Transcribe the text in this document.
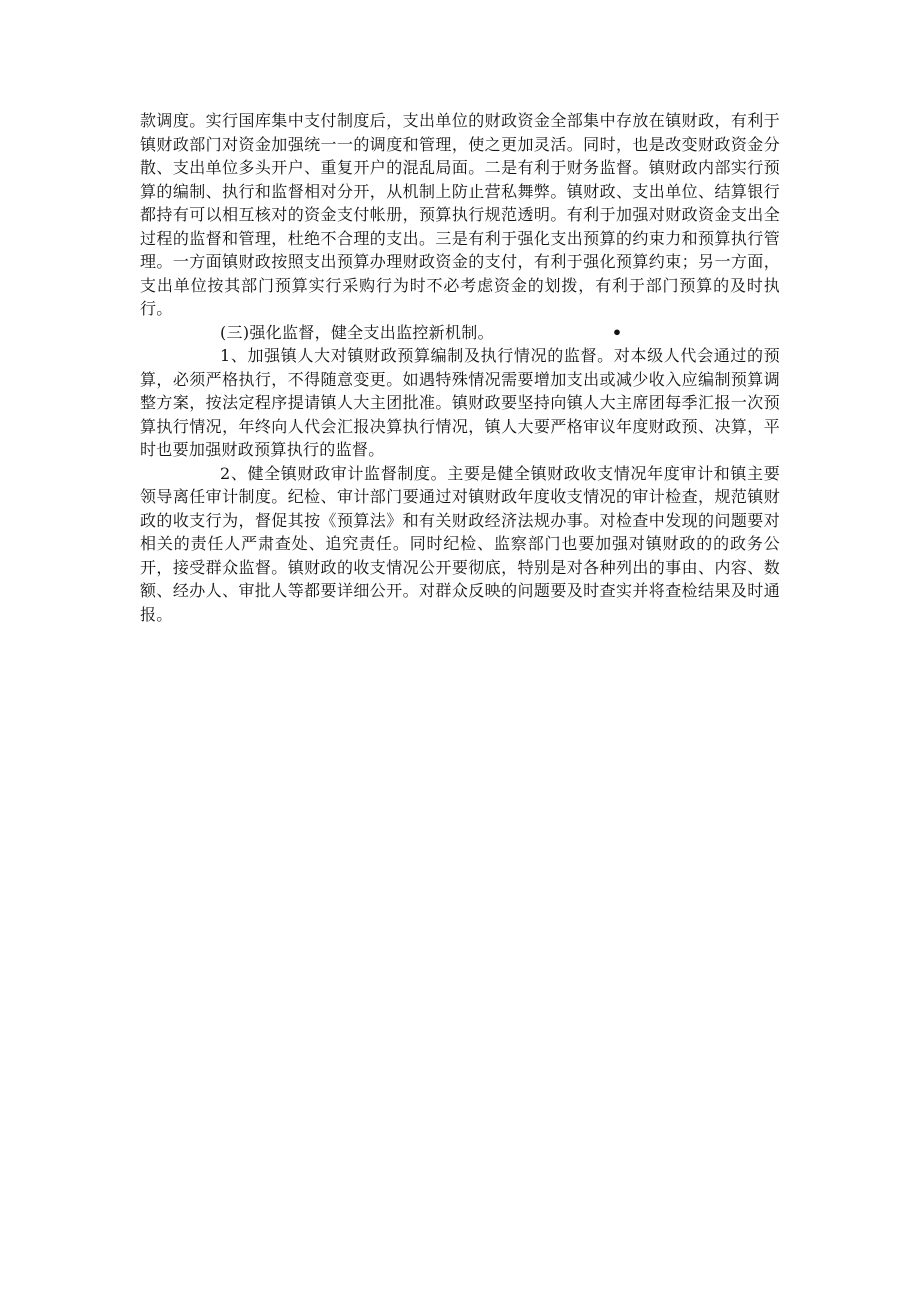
款调度。实行国库集中支付制度后，支出单位的财政资金全部集中存放在镇财政，有利于镇财政部门对资金加强统一一的调度和管理，使之更加灵活。同时，也是改变财政资金分散、支出单位多头开户、重复开户的混乱局面。二是有利于财务监督。镇财政内部实行预算的编制、执行和监督相对分开，从机制上防止营私舞弊。镇财政、支出单位、结算银行都持有可以相互核对的资金支付帐册，预算执行规范透明。有利于加强对财政资金支出全过程的监督和管理，杜绝不合理的支出。三是有利于强化支出预算的约束力和预算执行管理。一方面镇财政按照支出预算办理财政资金的支付，有利于强化预算约束；另一方面，支出单位按其部门预算实行采购行为时不必考虑资金的划拨，有利于部门预算的及时执行。

(三)强化监督，健全支出监控新机制。	•

1、加强镇人大对镇财政预算编制及执行情况的监督。对本级人代会通过的预算，必须严格执行，不得随意变更。如遇特殊情况需要增加支出或减少收入应编制预算调整方案，按法定程序提请镇人大主团批准。镇财政要坚持向镇人大主席团每季汇报一次预算执行情况，年终向人代会汇报决算执行情况，镇人大要严格审议年度财政预、决算，平时也要加强财政预算执行的监督。

2、健全镇财政审计监督制度。主要是健全镇财政收支情况年度审计和镇主要领导离任审计制度。纪检、审计部门要通过对镇财政年度收支情况的审计检查，规范镇财政的收支行为，督促其按《预算法》和有关财政经济法规办事。对检查中发现的问题要对相关的责任人严肃查处、追究责任。同时纪检、监察部门也要加强对镇财政的的政务公开，接受群众监督。镇财政的收支情况公开要彻底，特别是对各种列出的事由、内容、数额、经办人、审批人等都要详细公开。对群众反映的问题要及时查实并将查检结果及时通报。
